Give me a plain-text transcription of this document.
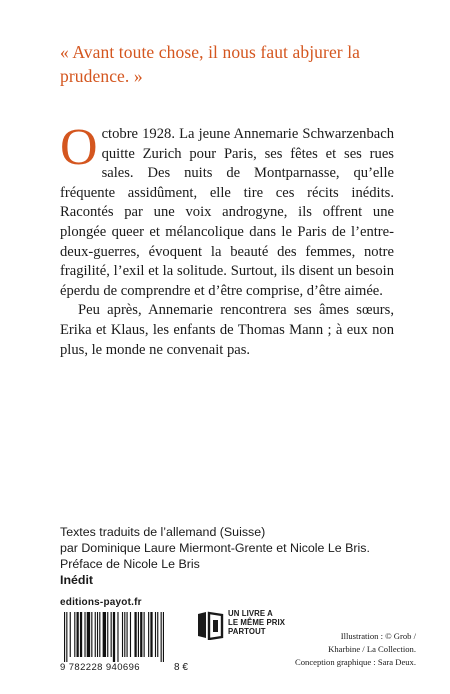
« Avant toute chose, il nous faut abjurer la prudence. »

Octobre 1928. La jeune Annemarie Schwarzenbach quitte Zurich pour Paris, ses fêtes et ses rues sales. Des nuits de Montparnasse, qu’elle fréquente assidûment, elle tire ces récits inédits. Racontés par une voix androgyne, ils offrent une plongée queer et mélancolique dans le Paris de l’entre-deux-guerres, évoquent la beauté des femmes, notre fragilité, l’exil et la solitude. Surtout, ils disent un besoin éperdu de comprendre et d’être comprise, d’être aimée.

Peu après, Annemarie rencontrera ses âmes sœurs, Erika et Klaus, les enfants de Thomas Mann ; à eux non plus, le monde ne convenait pas.

Textes traduits de l’allemand (Suisse)
par Dominique Laure Miermont-Grente et Nicole Le Bris.
Préface de Nicole Le Bris
Inédit
editions-payot.fr
9 782228 940696	8 €
UN LIVRE A
LE MÊME PRIX
PARTOUT	Illustration : © Grob /
Kharbine / La Collection.
Conception graphique : Sara Deux.
